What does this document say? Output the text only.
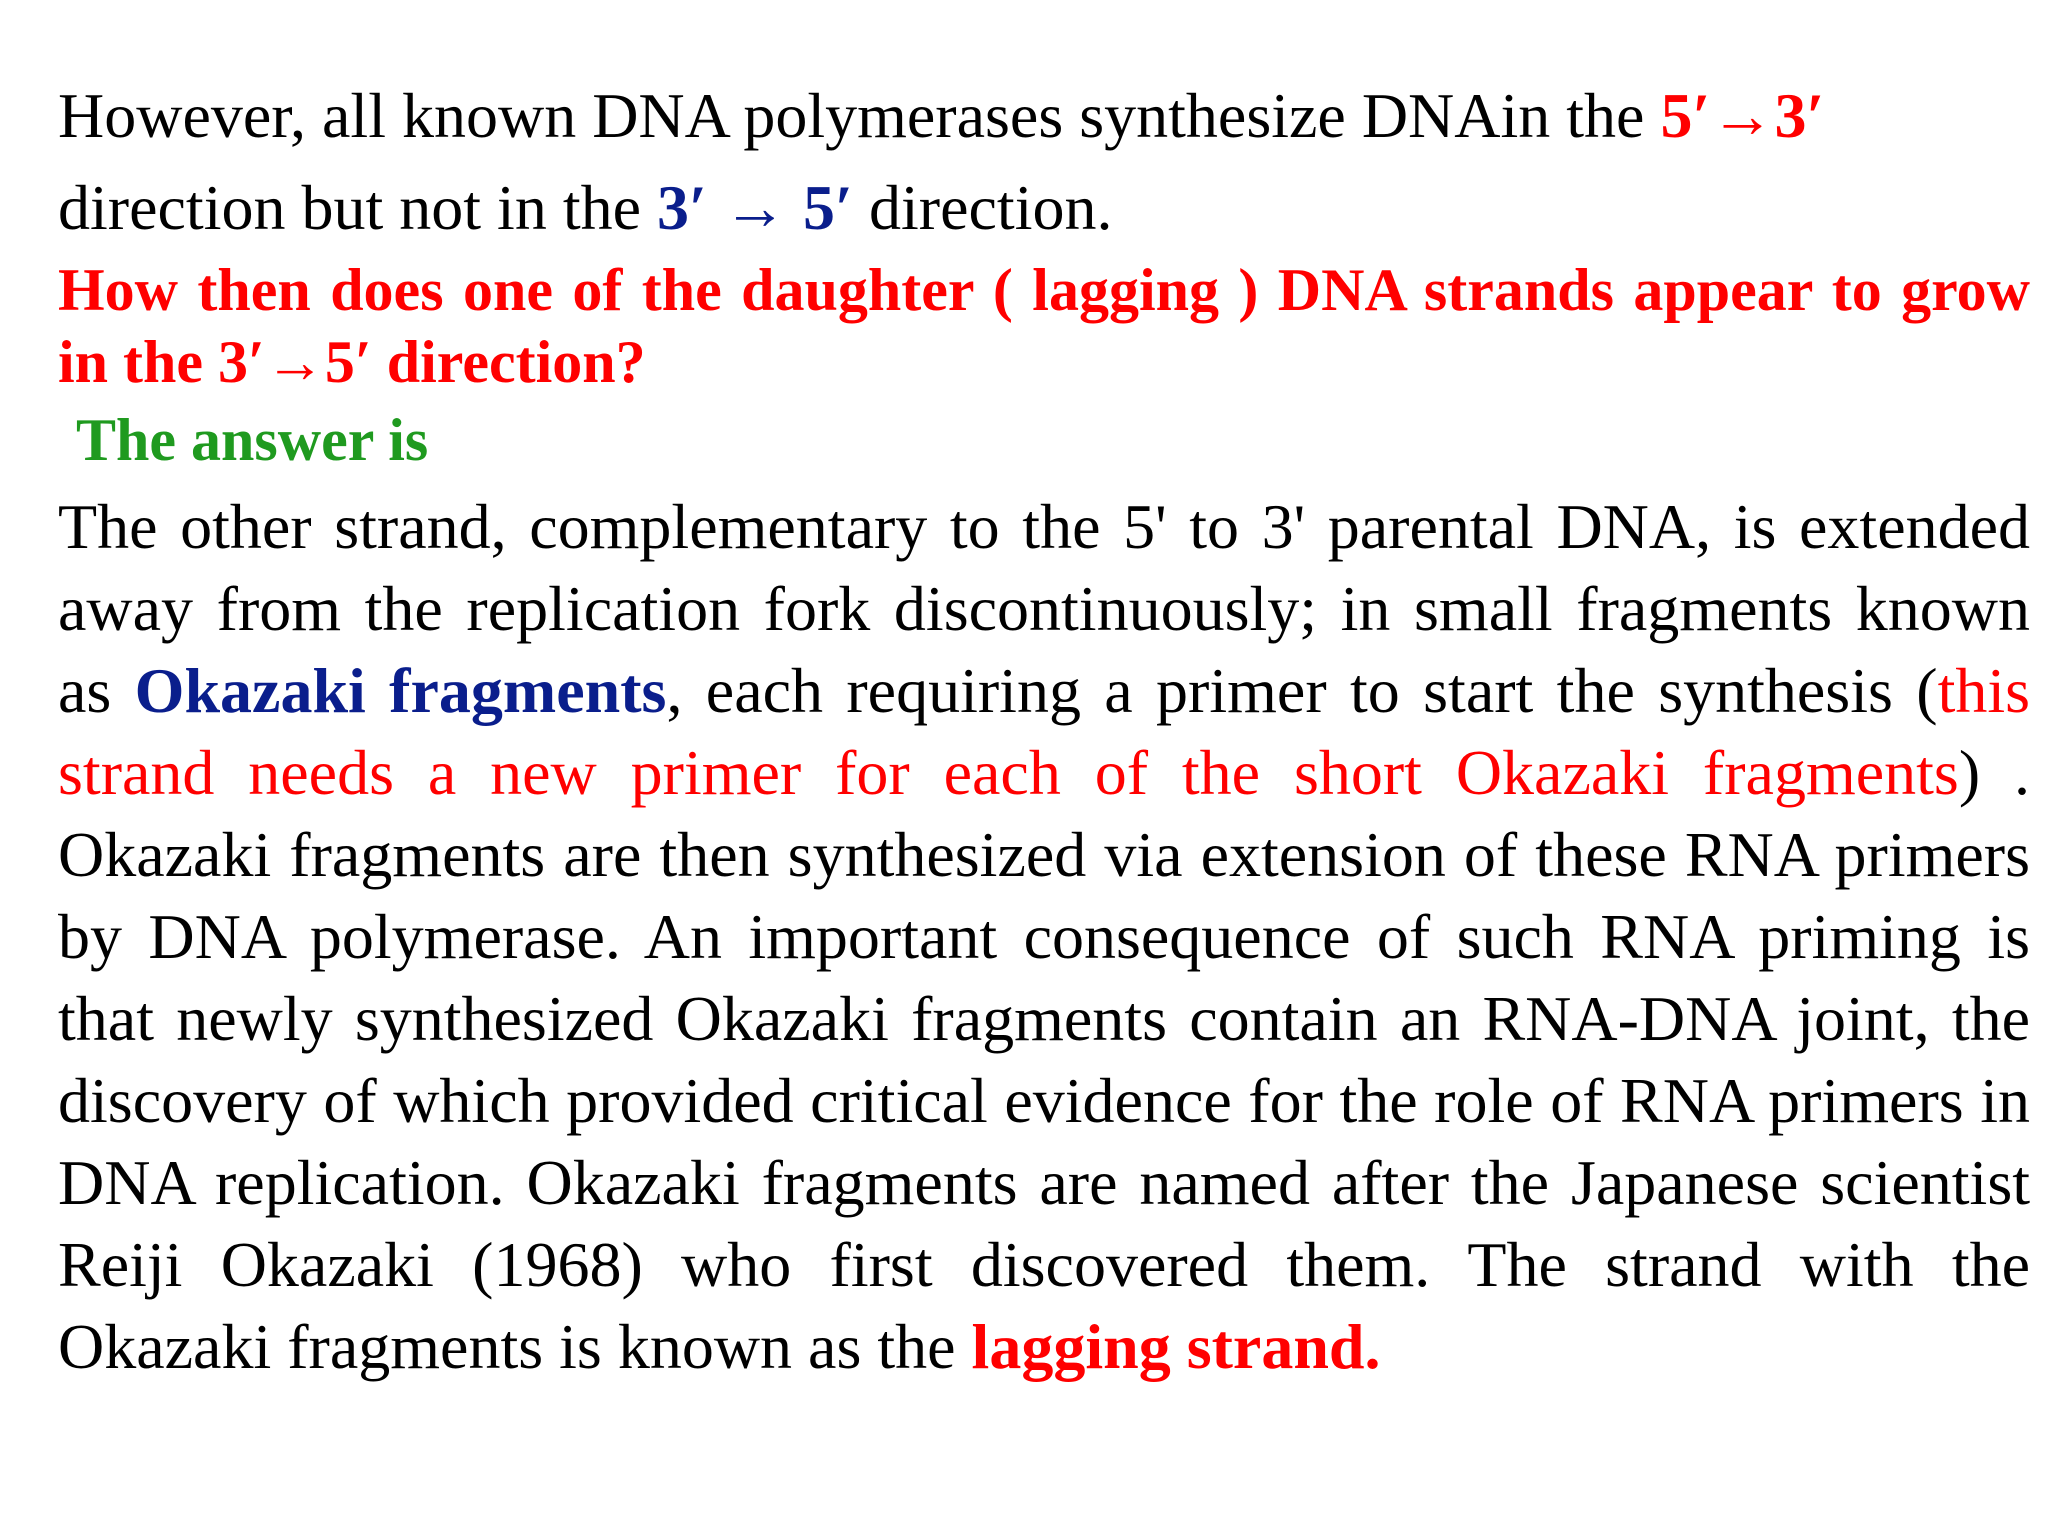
However, all known DNA polymerases synthesize DNAin the 5′→3′

direction but not in the 3′ → 5′ direction.

How then does one of the daughter ( lagging ) DNA strands appear to grow in the 3′→5′ direction?

The answer is

The other strand, complementary to the 5' to 3' parental DNA, is extended away from the replication fork discontinuously; in small fragments known as Okazaki fragments, each requiring a primer to start the synthesis (this strand needs a new primer for each of the short Okazaki fragments) . Okazaki fragments are then synthesized via extension of these RNA primers by DNA polymerase. An important consequence of such RNA priming is that newly synthesized Okazaki fragments contain an RNA-DNA joint, the discovery of which provided critical evidence for the role of RNA primers in DNA replication. Okazaki fragments are named after the Japanese scientist Reiji Okazaki (1968) who first discovered them. The strand with the Okazaki fragments is known as the lagging strand.
